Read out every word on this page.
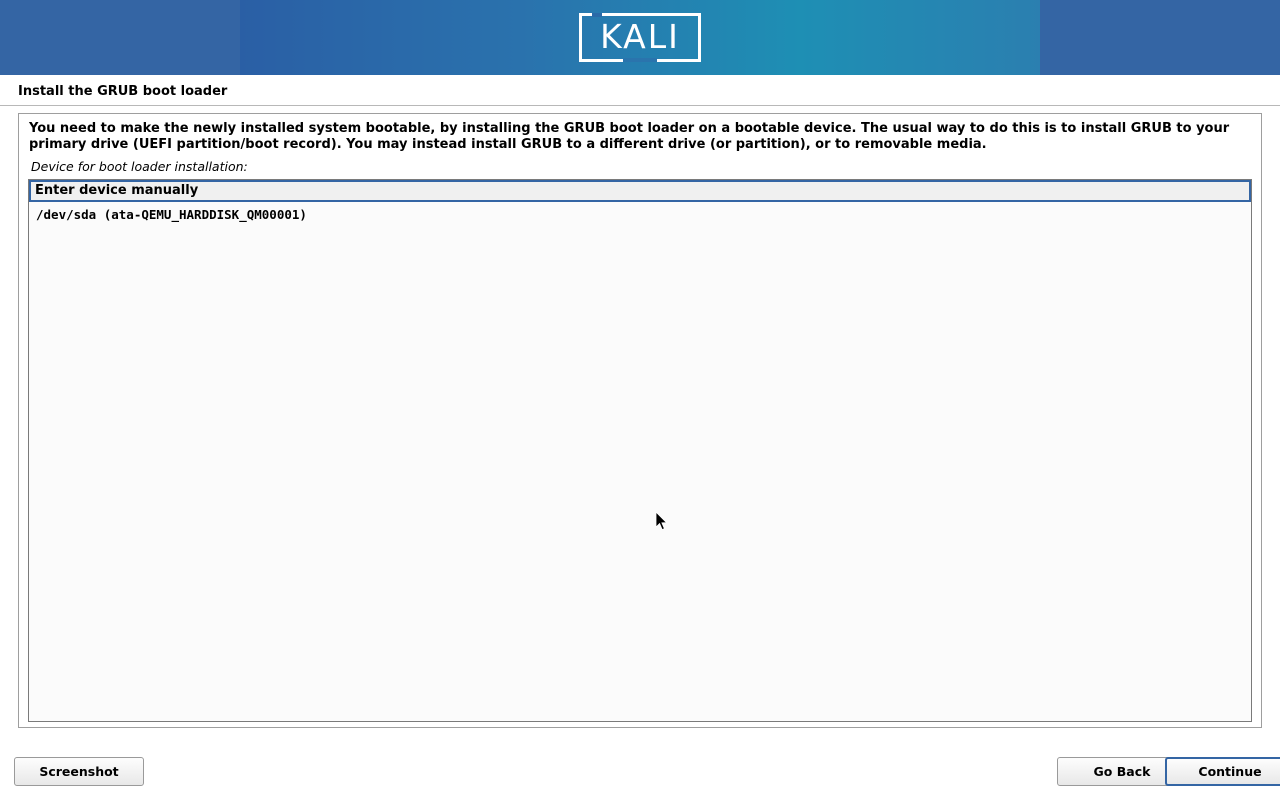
KALI
Install the GRUB boot loader
You need to make the newly installed system bootable, by installing the GRUB boot loader on a bootable device. The usual way to do this is to install GRUB to your primary drive (UEFI partition/boot record). You may instead install GRUB to a different drive (or partition), or to removable media.
Device for boot loader installation:
Enter device manually
/dev/sda (ata-QEMU_HARDDISK_QM00001)
Screenshot	Go Back	Continue
